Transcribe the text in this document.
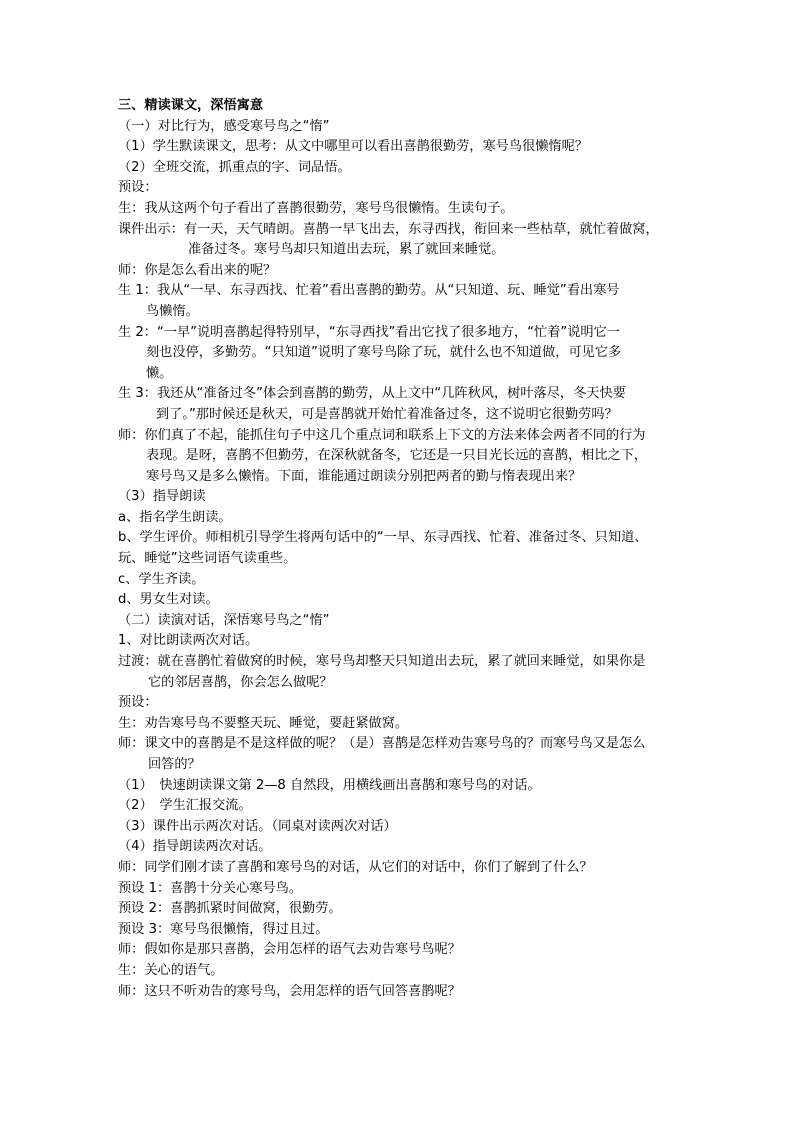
三、精读课文，深悟寓意
（一）对比行为，感受寒号鸟之“惰”
（1）学生默读课文，思考：从文中哪里可以看出喜鹊很勤劳，寒号鸟很懒惰呢？
（2）全班交流，抓重点的字、词品悟。
预设：
生：我从这两个句子看出了喜鹊很勤劳，寒号鸟很懒惰。生读句子。
课件出示：有一天，天气晴朗。喜鹊一早飞出去，东寻西找，衔回来一些枯草，就忙着做窝，
准备过冬。寒号鸟却只知道出去玩，累了就回来睡觉。
师：你是怎么看出来的呢？
生 1：我从“一早、东寻西找、忙着”看出喜鹊的勤劳。从“只知道、玩、睡觉”看出寒号
鸟懒惰。
生 2：“一早”说明喜鹊起得特别早，“东寻西找”看出它找了很多地方，“忙着”说明它一
刻也没停，多勤劳。“只知道”说明了寒号鸟除了玩，就什么也不知道做，可见它多
懒。
生 3：我还从“准备过冬”体会到喜鹊的勤劳，从上文中“几阵秋风，树叶落尽，冬天快要
到了。”那时候还是秋天，可是喜鹊就开始忙着准备过冬，这不说明它很勤劳吗？
师：你们真了不起，能抓住句子中这几个重点词和联系上下文的方法来体会两者不同的行为
表现。是呀，喜鹊不但勤劳，在深秋就备冬，它还是一只目光长远的喜鹊，相比之下，
寒号鸟又是多么懒惰。下面，谁能通过朗读分别把两者的勤与惰表现出来？
（3）指导朗读
a、指名学生朗读。
b、学生评价。师相机引导学生将两句话中的“一早、东寻西找、忙着、准备过冬、只知道、
玩、睡觉”这些词语气读重些。
c、学生齐读。
d、男女生对读。
（二）读演对话，深悟寒号鸟之“惰”
1、对比朗读两次对话。
过渡：就在喜鹊忙着做窝的时候，寒号鸟却整天只知道出去玩，累了就回来睡觉，如果你是
它的邻居喜鹊，你会怎么做呢？
预设：
生：劝告寒号鸟不要整天玩、睡觉，要赶紧做窝。
师：课文中的喜鹊是不是这样做的呢？（是）喜鹊是怎样劝告寒号鸟的？而寒号鸟又是怎么
回答的？
（1）　快速朗读课文第 2—8 自然段，用横线画出喜鹊和寒号鸟的对话。
（2）　学生汇报交流。
（3）课件出示两次对话。（同桌对读两次对话）
（4）指导朗读两次对话。
师：同学们刚才读了喜鹊和寒号鸟的对话，从它们的对话中，你们了解到了什么？
预设 1：喜鹊十分关心寒号鸟。
预设 2：喜鹊抓紧时间做窝，很勤劳。
预设 3：寒号鸟很懒惰，得过且过。
师：假如你是那只喜鹊，会用怎样的语气去劝告寒号鸟呢？
生：关心的语气。
师：这只不听劝告的寒号鸟，会用怎样的语气回答喜鹊呢？
